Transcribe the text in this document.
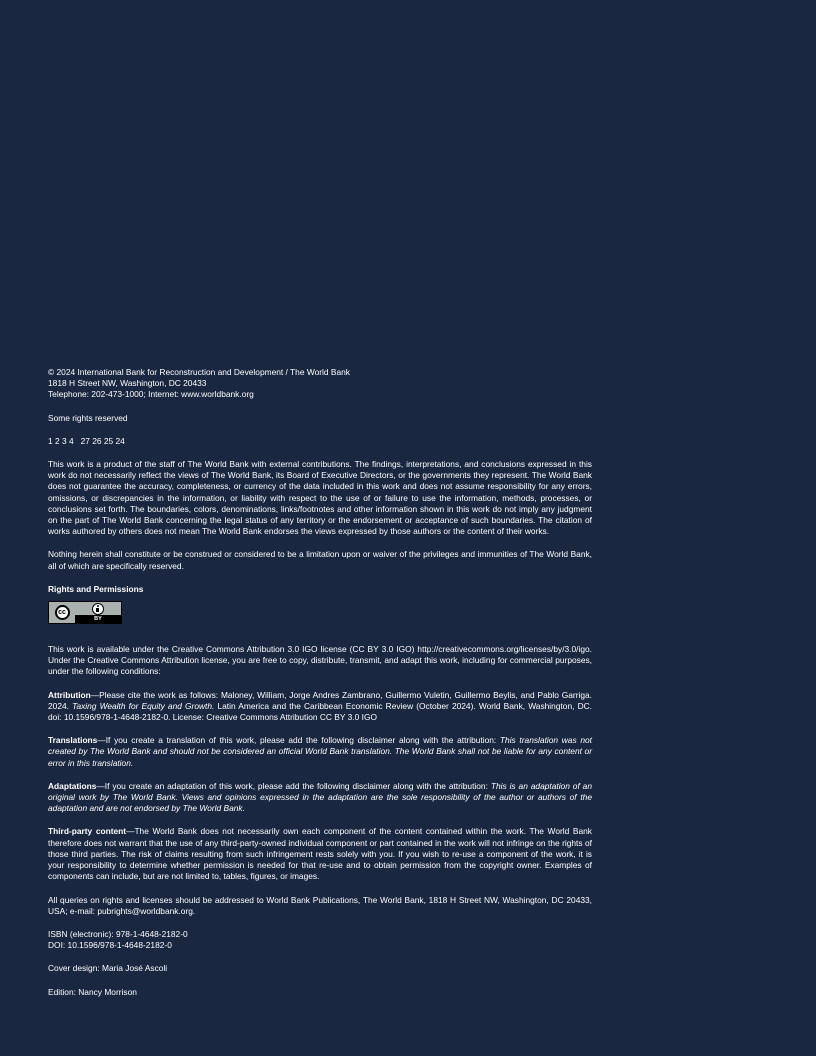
© 2024 International Bank for Reconstruction and Development / The World Bank
1818 H Street NW, Washington, DC 20433
Telephone: 202-473-1000; Internet: www.worldbank.org
Some rights reserved
1 2 3 4   27 26 25 24

This work is a product of the staff of The World Bank with external contributions. The findings, interpretations, and conclusions expressed in this work do not necessarily reflect the views of The World Bank, its Board of Executive Directors, or the governments they represent. The World Bank does not guarantee the accuracy, completeness, or currency of the data included in this work and does not assume responsibility for any errors, omissions, or discrepancies in the information, or liability with respect to the use of or failure to use the information, methods, processes, or conclusions set forth. The boundaries, colors, denominations, links/footnotes and other information shown in this work do not imply any judgment on the part of The World Bank concerning the legal status of any territory or the endorsement or acceptance of such boundaries. The citation of works authored by others does not mean The World Bank endorses the views expressed by those authors or the content of their works.

Nothing herein shall constitute or be construed or considered to be a limitation upon or waiver of the privileges and immunities of The World Bank, all of which are specifically reserved.

Rights and Permissions
cc
BY

This work is available under the Creative Commons Attribution 3.0 IGO license (CC BY 3.0 IGO) http://creativecommons.org/licenses/by/3.0/igo. Under the Creative Commons Attribution license, you are free to copy, distribute, transmit, and adapt this work, including for commercial purposes, under the following conditions:

Attribution—Please cite the work as follows: Maloney, William, Jorge Andres Zambrano, Guillermo Vuletin, Guillermo Beylis, and Pablo Garriga. 2024. Taxing Wealth for Equity and Growth. Latin America and the Caribbean Economic Review (October 2024). World Bank, Washington, DC. doi: 10.1596/978-1-4648-2182-0. License: Creative Commons Attribution CC BY 3.0 IGO

Translations—If you create a translation of this work, please add the following disclaimer along with the attribution: This translation was not created by The World Bank and should not be considered an official World Bank translation. The World Bank shall not be liable for any content or error in this translation.

Adaptations—If you create an adaptation of this work, please add the following disclaimer along with the attribution: This is an adaptation of an original work by The World Bank. Views and opinions expressed in the adaptation are the sole responsibility of the author or authors of the adaptation and are not endorsed by The World Bank.

Third-party content—The World Bank does not necessarily own each component of the content contained within the work. The World Bank therefore does not warrant that the use of any third-party-owned individual component or part contained in the work will not infringe on the rights of those third parties. The risk of claims resulting from such infringement rests solely with you. If you wish to re-use a component of the work, it is your responsibility to determine whether permission is needed for that re-use and to obtain permission from the copyright owner. Examples of components can include, but are not limited to, tables, figures, or images.

All queries on rights and licenses should be addressed to World Bank Publications, The World Bank, 1818 H Street NW, Washington, DC 20433, USA; e-mail: pubrights@worldbank.org.

ISBN (electronic): 978-1-4648-2182-0
DOI: 10.1596/978-1-4648-2182-0
Cover design: Maria José Ascoli
Edition: Nancy Morrison
